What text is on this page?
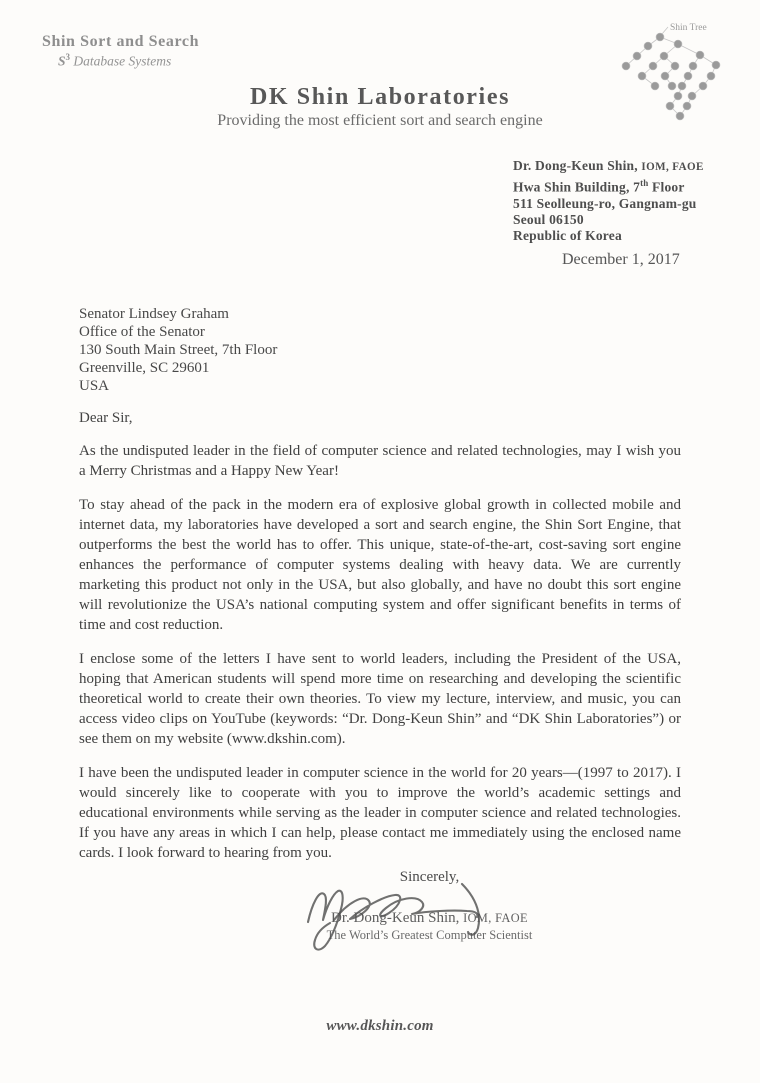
Shin Sort and Search
$S^3$ Database Systems
Shin Tree
DK Shin Laboratories
Providing the most efficient sort and search engine
Dr. Dong-Keun Shin, IOM, FAOE
Hwa Shin Building, 7th Floor
511 Seolleung-ro, Gangnam-gu
Seoul 06150
Republic of Korea
December 1, 2017
Senator Lindsey Graham
Office of the Senator
130 South Main Street, 7th Floor
Greenville, SC 29601
USA
Dear Sir,

As the undisputed leader in the field of computer science and related technologies, may I wish you a Merry Christmas and a Happy New Year!

To stay ahead of the pack in the modern era of explosive global growth in collected mobile and internet data, my laboratories have developed a sort and search engine, the Shin Sort Engine, that outperforms the best the world has to offer. This unique, state-of-the-art, cost-saving sort engine enhances the performance of computer systems dealing with heavy data. We are currently marketing this product not only in the USA, but also globally, and have no doubt this sort engine will revolutionize the USA’s national computing system and offer significant benefits in terms of time and cost reduction.

I enclose some of the letters I have sent to world leaders, including the President of the USA, hoping that American students will spend more time on researching and developing the scientific theoretical world to create their own theories. To view my lecture, interview, and music, you can access video clips on YouTube (keywords: “Dr. Dong-Keun Shin” and “DK Shin Laboratories”) or see them on my website (www.dkshin.com).

I have been the undisputed leader in computer science in the world for 20 years—(1997 to 2017). I would sincerely like to cooperate with you to improve the world’s academic settings and educational environments while serving as the leader in computer science and related technologies. If you have any areas in which I can help, please contact me immediately using the enclosed name cards. I look forward to hearing from you.

Sincerely,
Dr. Dong-Keun Shin, IOM, FAOE
The World’s Greatest Computer Scientist
www.dkshin.com
